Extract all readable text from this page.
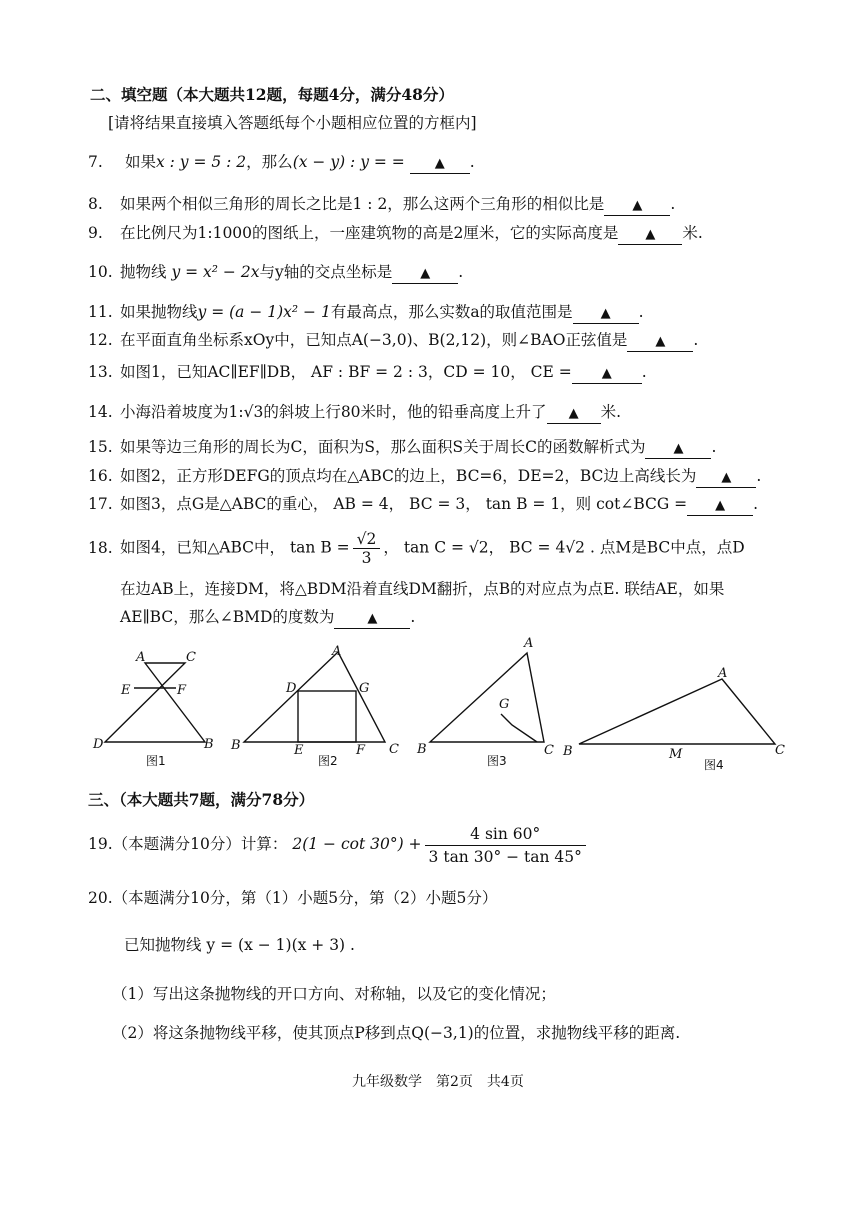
二、填空题（本大题共12题，每题4分，满分48分）
[请将结果直接填入答题纸每个小题相应位置的方框内]
7. 如果x : y = 5 : 2，那么(x − y) : y = = ▲ .
8. 如果两个相似三角形的周长之比是1 : 2，那么这两个三角形的相似比是 ▲ .
9. 在比例尺为1:1000的图纸上，一座建筑物的高是2厘米，它的实际高度是 ▲ 米.
10. 抛物线 y = x² − 2x与y轴的交点坐标是 ▲ .
11. 如果抛物线y = (a − 1)x² − 1有最高点，那么实数a的取值范围是 ▲ .
12. 在平面直角坐标系xOy中，已知点A(−3,0)、B(2,12)，则∠BAO正弦值是 ▲ .
13. 如图1，已知AC∥EF∥DB， AF : BF = 2 : 3，CD = 10， CE = ▲ .
14. 小海沿着坡度为1:√3的斜坡上行80米时，他的铅垂高度上升了 ▲ 米.
15. 如果等边三角形的周长为C，面积为S，那么面积S关于周长C的函数解析式为 ▲ .
16. 如图2，正方形DEFG的顶点均在△ABC的边上，BC=6，DE=2，BC边上高线长为 ▲ .
17. 如图3，点G是△ABC的重心， AB = 4， BC = 3， tan B = 1，则 cot∠BCG = ▲ .
18. 如图4，已知△ABC中， $\tan B = \frac{√2}{3}$ ， tan C = √2， BC = 4√2 . 点M是BC中点，点D
在边AB上，连接DM，将△BDM沿着直线DM翻折，点B的对应点为点E. 联结AE，如果
AE∥BC，那么∠BMD的度数为	▲ .
A	C
E	F
D	B
A
D	G
B	E	F C
A
G
B	C
A
B	M	C
图1	图2	图3	图4
三、（本大题共7题，满分78分）
19.（本题满分10分）计算： $2(1 - \cot 30^\circ) + \frac{4 \sin 60^\circ}{3 \tan 30^\circ - \tan 45^\circ}$
20.（本题满分10分，第（1）小题5分，第（2）小题5分）
已知抛物线 y = (x − 1)(x + 3) .
（1）写出这条抛物线的开口方向、对称轴，以及它的变化情况；
（2）将这条抛物线平移，使其顶点P移到点Q(−3,1)的位置，求抛物线平移的距离.
九年级数学　第2页　共4页
